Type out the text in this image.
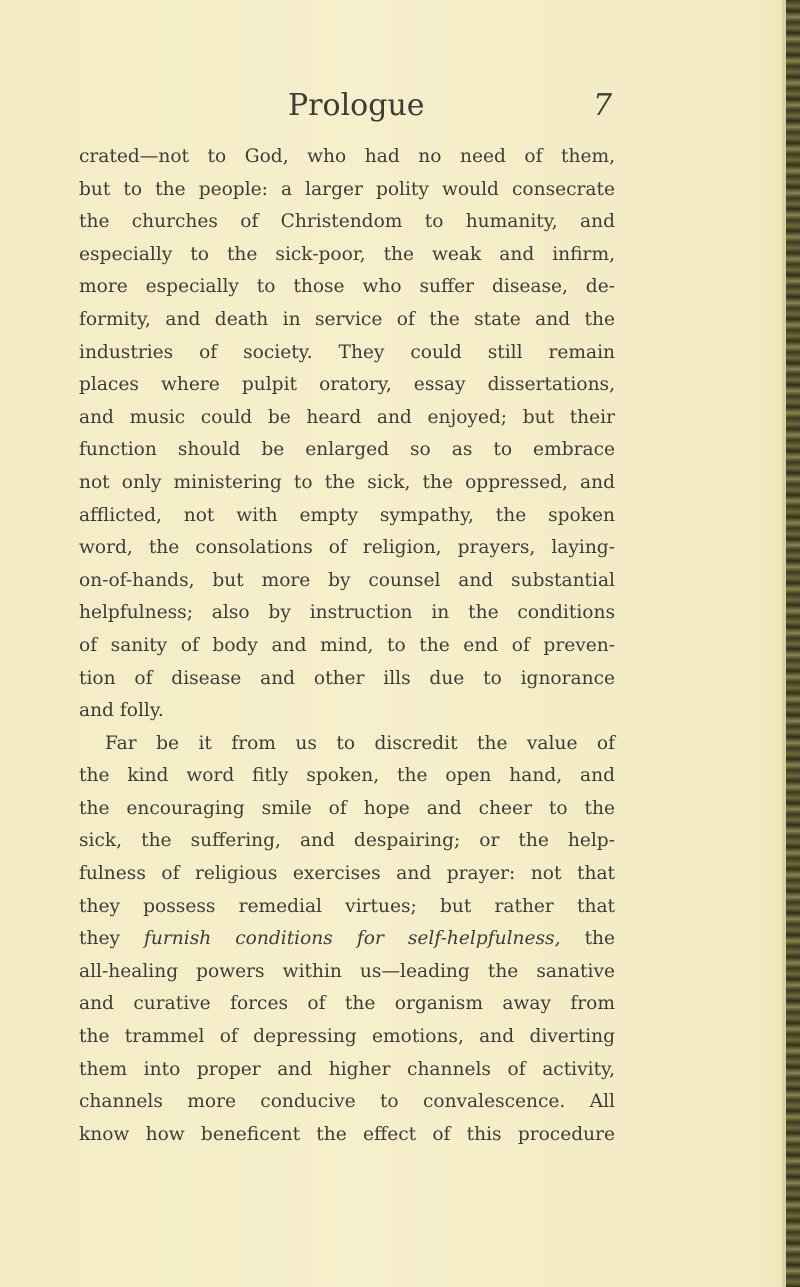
Prologue	7
crated—not to God, who had no need of them,
but to the people: a larger polity would consecrate
the churches of Christendom to humanity, and
especially to the sick-poor, the weak and infirm,
more especially to those who suffer disease, de-
formity, and death in service of the state and the
industries of society. They could still remain
places where pulpit oratory, essay dissertations,
and music could be heard and enjoyed; but their
function should be enlarged so as to embrace
not only ministering to the sick, the oppressed, and
afflicted, not with empty sympathy, the spoken
word, the consolations of religion, prayers, laying-
on-of-hands, but more by counsel and substantial
helpfulness; also by instruction in the conditions
of sanity of body and mind, to the end of preven-
tion of disease and other ills due to ignorance
and folly.
Far be it from us to discredit the value of
the kind word fitly spoken, the open hand, and
the encouraging smile of hope and cheer to the
sick, the suffering, and despairing; or the help-
fulness of religious exercises and prayer: not that
they possess remedial virtues; but rather that
they furnish conditions for self-helpfulness, the
all-healing powers within us—leading the sanative
and curative forces of the organism away from
the trammel of depressing emotions, and diverting
them into proper and higher channels of activity,
channels more conducive to convalescence. All
know how beneficent the effect of this procedure
